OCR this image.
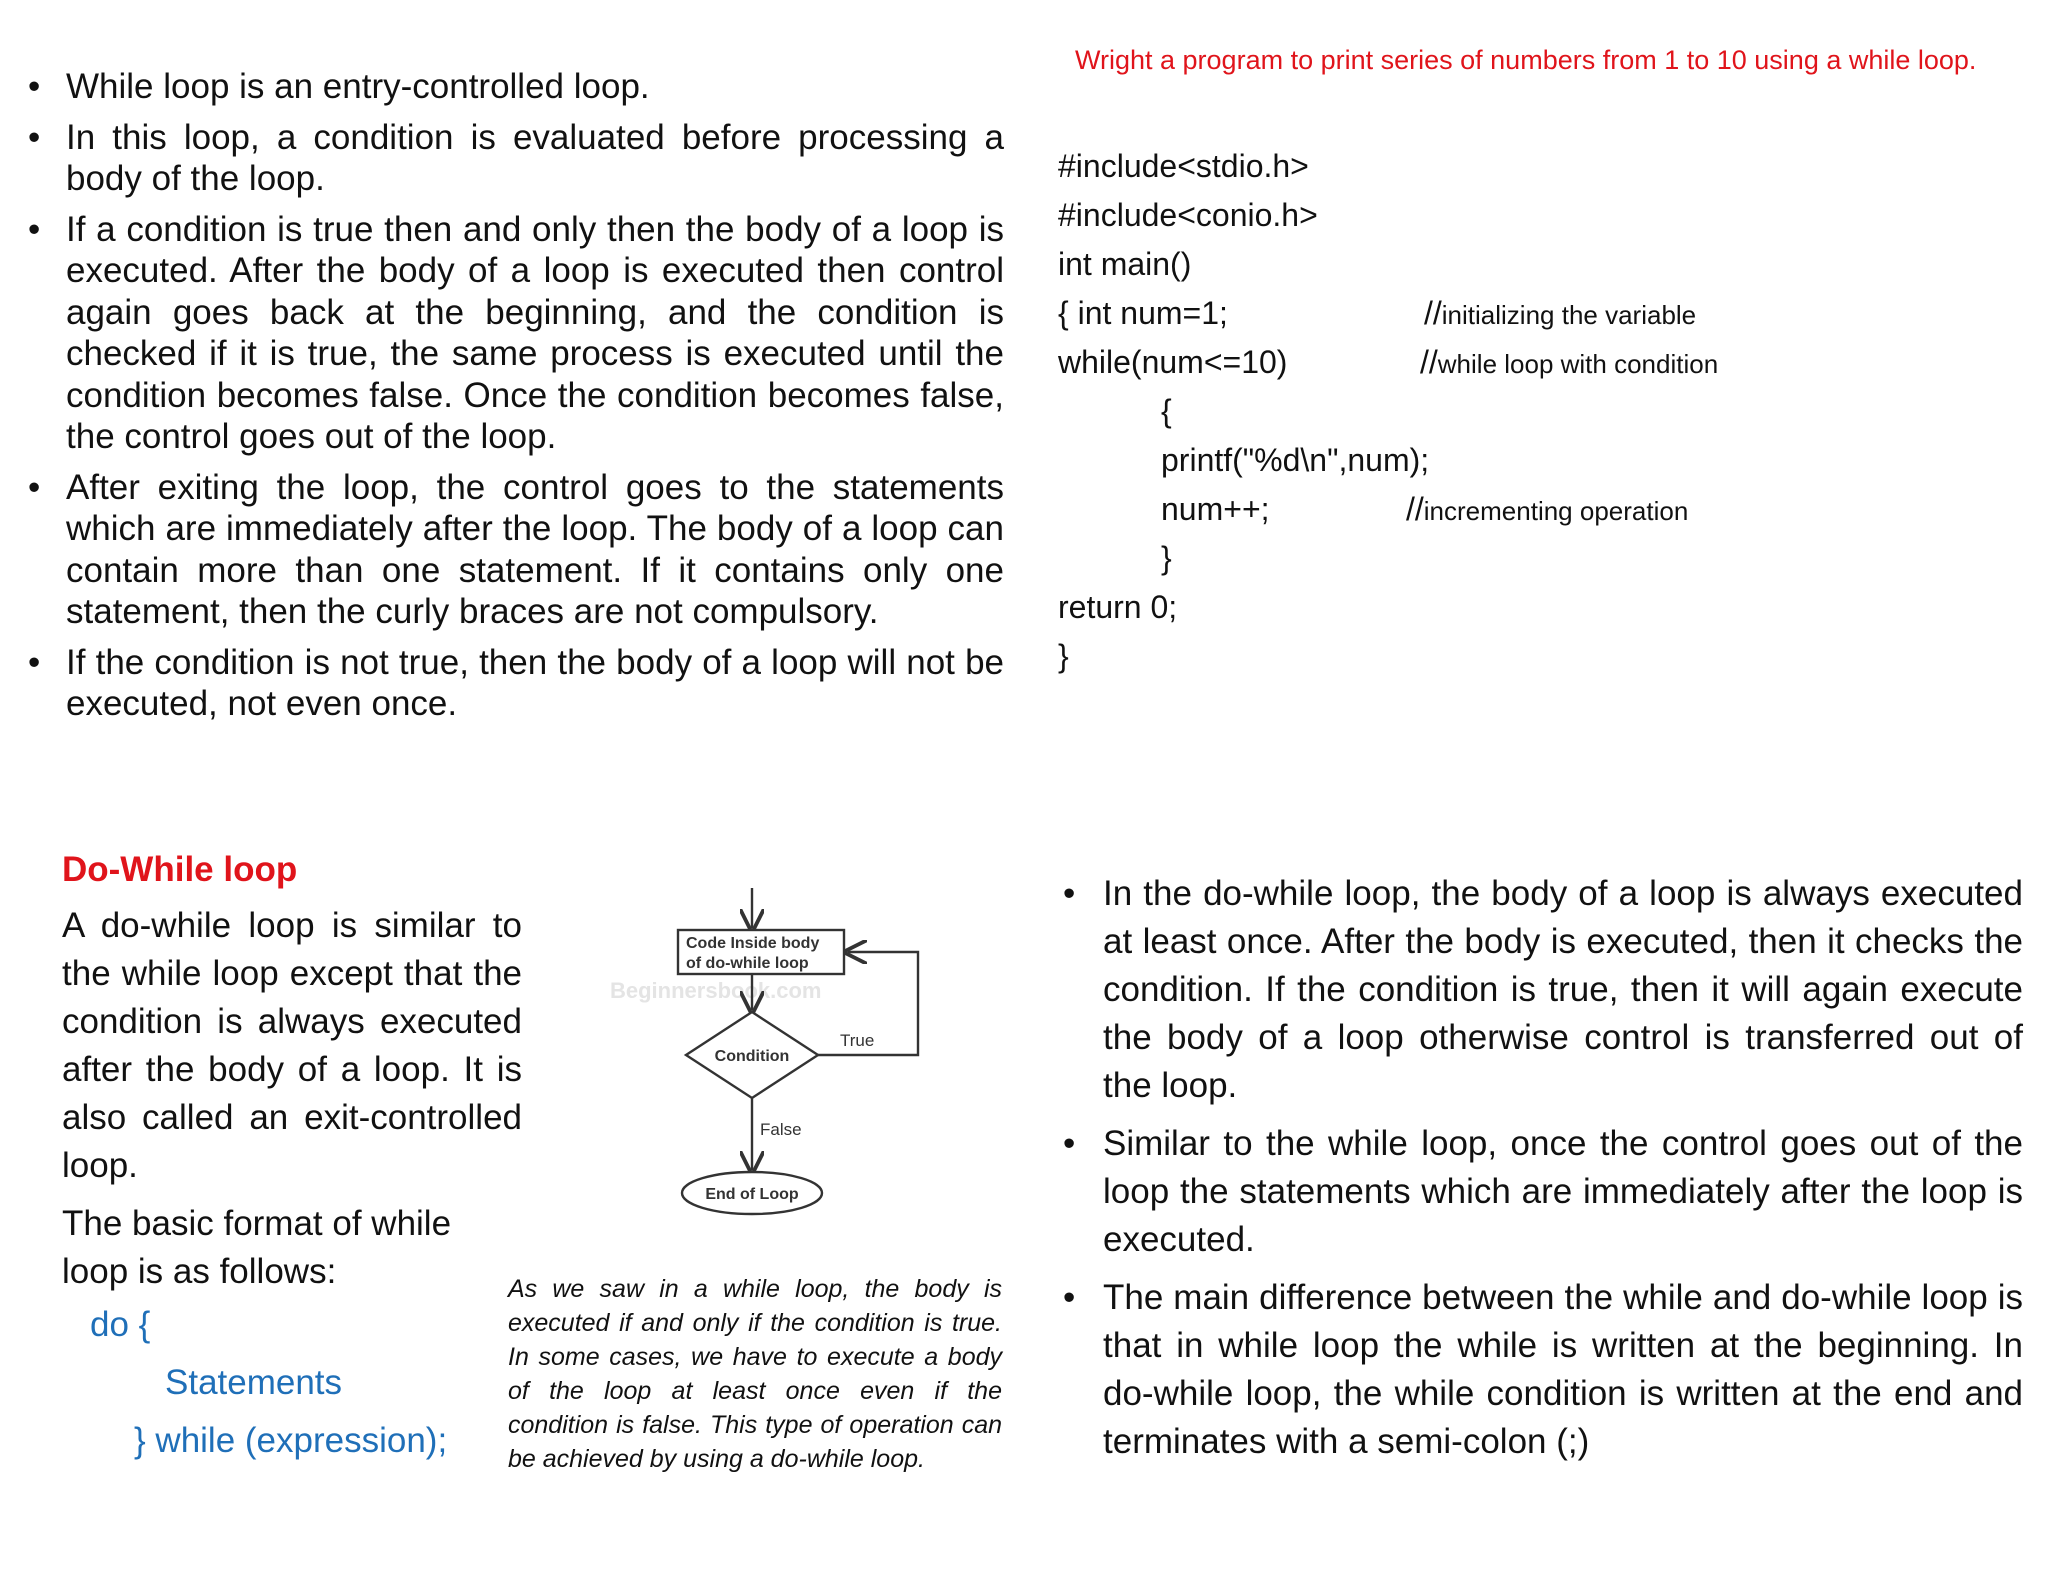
• While loop is an entry-controlled loop.
• In this loop, a condition is evaluated before processing a body of the loop.
• If a condition is true then and only then the body of a loop is executed. After the body of a loop is executed then control again goes back at the beginning, and the condition is checked if it is true, the same process is executed until the condition becomes false. Once the condition becomes false, the control goes out of the loop.
• After exiting the loop, the control goes to the statements which are immediately after the loop. The body of a loop can contain more than one statement. If it contains only one statement, then the curly braces are not compulsory.
• If the condition is not true, then the body of a loop will not be executed, not even once.
Wright a program to print series of numbers from 1 to 10 using a while loop.
#include<stdio.h>
#include<conio.h>
int main()
{ int num=1;	//initializing the variable
while(num<=10)	//while loop with condition
{
printf("%d\n",num);
num++;	//incrementing operation
}
return 0;
}
Do-While loop
A do-while loop is similar to the while loop except that the condition is always executed after the body of a loop. It is also called an exit-controlled loop.
The basic format of while loop is as follows:
do {
Statements
} while (expression);
Code Inside body
of do-while loop
Beginnersbook.com
Condition
True
False
End of Loop
As we saw in a while loop, the body is executed if and only if the condition is true. In some cases, we have to execute a body of the loop at least once even if the condition is false. This type of operation can be achieved by using a do-while loop.
• In the do-while loop, the body of a loop is always executed at least once. After the body is executed, then it checks the condition. If the condition is true, then it will again execute the body of a loop otherwise control is transferred out of the loop.
• Similar to the while loop, once the control goes out of the loop the statements which are immediately after the loop is executed.
• The main difference between the while and do-while loop is that in while loop the while is written at the beginning. In do-while loop, the while condition is written at the end and terminates with a semi-colon (;)
